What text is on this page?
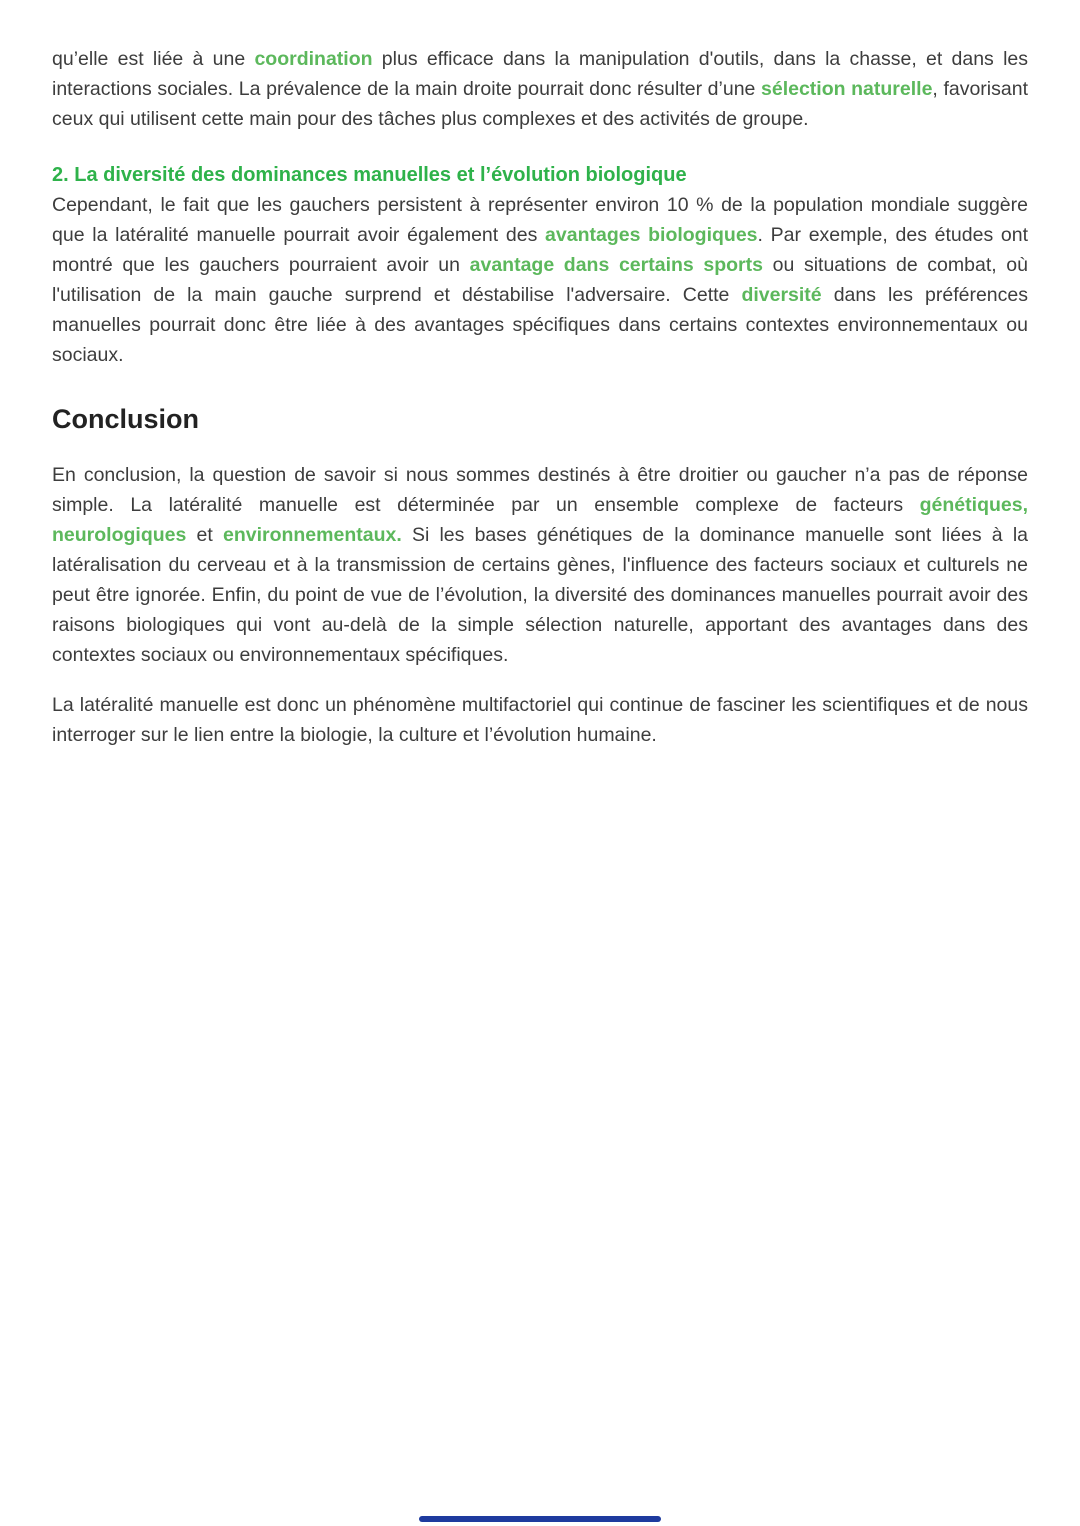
qu’elle est liée à une coordination plus efficace dans la manipulation d'outils, dans la chasse, et dans les interactions sociales. La prévalence de la main droite pourrait donc résulter d’une sélection naturelle, favorisant ceux qui utilisent cette main pour des tâches plus complexes et des activités de groupe.

2. La diversité des dominances manuelles et l’évolution biologique

Cependant, le fait que les gauchers persistent à représenter environ 10 % de la population mondiale suggère que la latéralité manuelle pourrait avoir également des avantages biologiques. Par exemple, des études ont montré que les gauchers pourraient avoir un avantage dans certains sports ou situations de combat, où l'utilisation de la main gauche surprend et déstabilise l'adversaire. Cette diversité dans les préférences manuelles pourrait donc être liée à des avantages spécifiques dans certains contextes environnementaux ou sociaux.

Conclusion

En conclusion, la question de savoir si nous sommes destinés à être droitier ou gaucher n’a pas de réponse simple. La latéralité manuelle est déterminée par un ensemble complexe de facteurs génétiques, neurologiques et environnementaux. Si les bases génétiques de la dominance manuelle sont liées à la latéralisation du cerveau et à la transmission de certains gènes, l'influence des facteurs sociaux et culturels ne peut être ignorée. Enfin, du point de vue de l’évolution, la diversité des dominances manuelles pourrait avoir des raisons biologiques qui vont au-delà de la simple sélection naturelle, apportant des avantages dans des contextes sociaux ou environnementaux spécifiques.

La latéralité manuelle est donc un phénomène multifactoriel qui continue de fasciner les scientifiques et de nous interroger sur le lien entre la biologie, la culture et l’évolution humaine.
